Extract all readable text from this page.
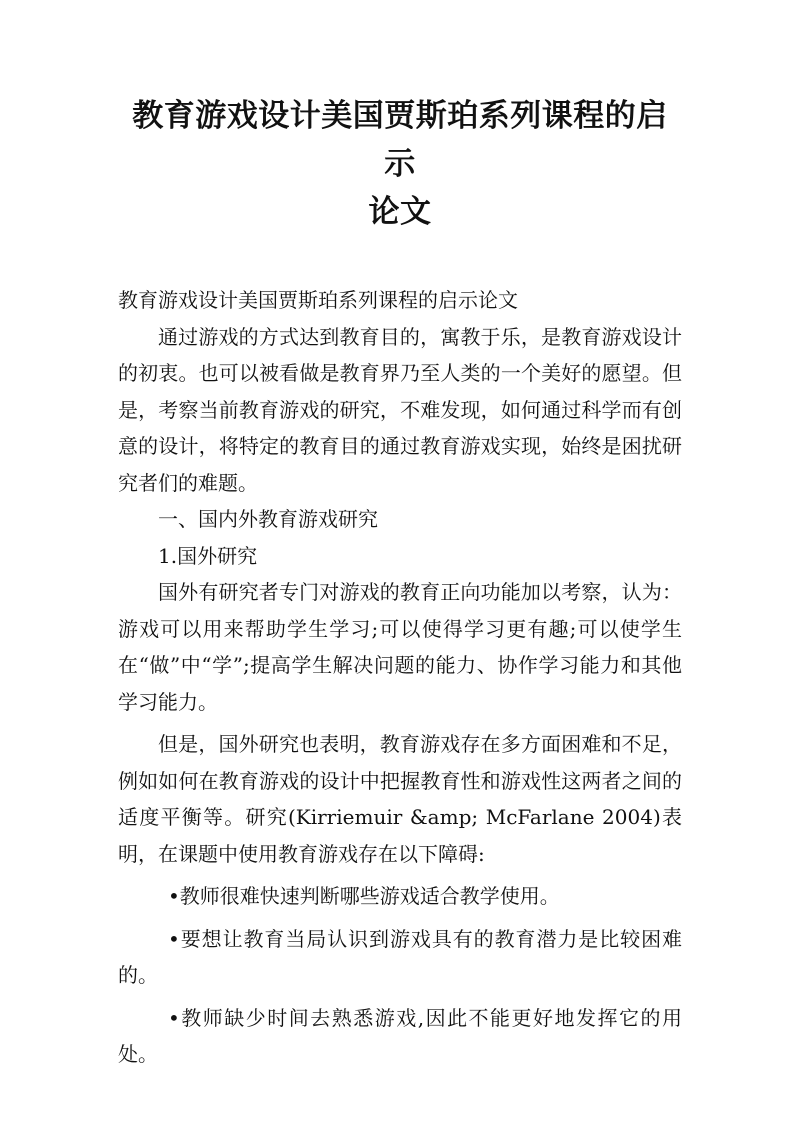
教育游戏设计美国贾斯珀系列课程的启示
论文

教育游戏设计美国贾斯珀系列课程的启示论文

通过游戏的方式达到教育目的，寓教于乐，是教育游戏设计的初衷。也可以被看做是教育界乃至人类的一个美好的愿望。但是，考察当前教育游戏的研究，不难发现，如何通过科学而有创意的设计，将特定的教育目的通过教育游戏实现，始终是困扰研究者们的难题。

一、国内外教育游戏研究

1.国外研究

国外有研究者专门对游戏的教育正向功能加以考察，认为：游戏可以用来帮助学生学习;可以使得学习更有趣;可以使学生在“做”中“学”;提高学生解决问题的能力、协作学习能力和其他学习能力。

但是，国外研究也表明，教育游戏存在多方面困难和不足，例如如何在教育游戏的设计中把握教育性和游戏性这两者之间的适度平衡等。研究(Kirriemuir &amp; McFarlane 2004)表明，在课题中使用教育游戏存在以下障碍:

•教师很难快速判断哪些游戏适合教学使用。

•要想让教育当局认识到游戏具有的教育潜力是比较困难的。

•教师缺少时间去熟悉游戏,因此不能更好地发挥它的用处。
